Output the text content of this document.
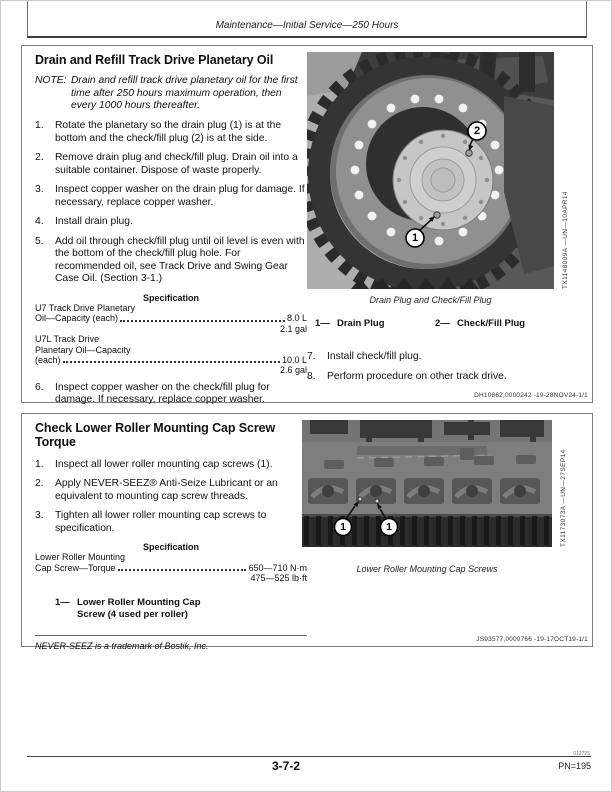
Maintenance—Initial Service—250 Hours
Drain and Refill Track Drive Planetary Oil
NOTE: Drain and refill track drive planetary oil for the first time after 250 hours maximum operation, then every 1000 hours thereafter.
1.	Rotate the planetary so the drain plug (1) is at the bottom and the check/fill plug (2) is at the side.
2.	Remove drain plug and check/fill plug. Drain oil into a suitable container. Dispose of waste properly.
3.	Inspect copper washer on the drain plug for damage. If necessary, replace copper washer.
4.	Install drain plug.
5.	Add oil through check/fill plug until oil level is even with the bottom of the check/fill plug hole. For recommended oil, see Track Drive and Swing Gear Case Oil. (Section 3-1.)
Specification
U7 Track Drive Planetary
Oil—Capacity (each)	8.0 L
2.1 gal
U7L Track Drive
Planetary Oil—Capacity
(each)	10.0 L
2.6 gal
6.	Inspect copper washer on the check/fill plug for damage. If necessary, replace copper washer.
1
2
TX1148009A —UN—10APR14
Drain Plug and Check/Fill Plug
1— Drain Plug	2— Check/Fill Plug
7.	Install check/fill plug.
8.	Perform procedure on other track drive.
DH10862,0000242 -19-28NOV24-1/1
Check Lower Roller Mounting Cap Screw Torque
1.	Inspect all lower roller mounting cap screws (1).
2.	Apply NEVER-SEEZ® Anti-Seize Lubricant or an equivalent to mounting cap screw threads.
3.	Tighten all lower roller mounting cap screws to specification.
Specification
Lower Roller Mounting
Cap Screw—Torque	650—710 N·m
475—525 lb·ft
1— Lower Roller Mounting Cap
Screw (4 used per roller)
NEVER-SEEZ is a trademark of Bostik, Inc.
1	1	TX1173073A —UN—27SEP14
Lower Roller Mounting Cap Screws
JS93577,0000766 -19-17OCT19-1/1
3-7-2
012725
PN=195
